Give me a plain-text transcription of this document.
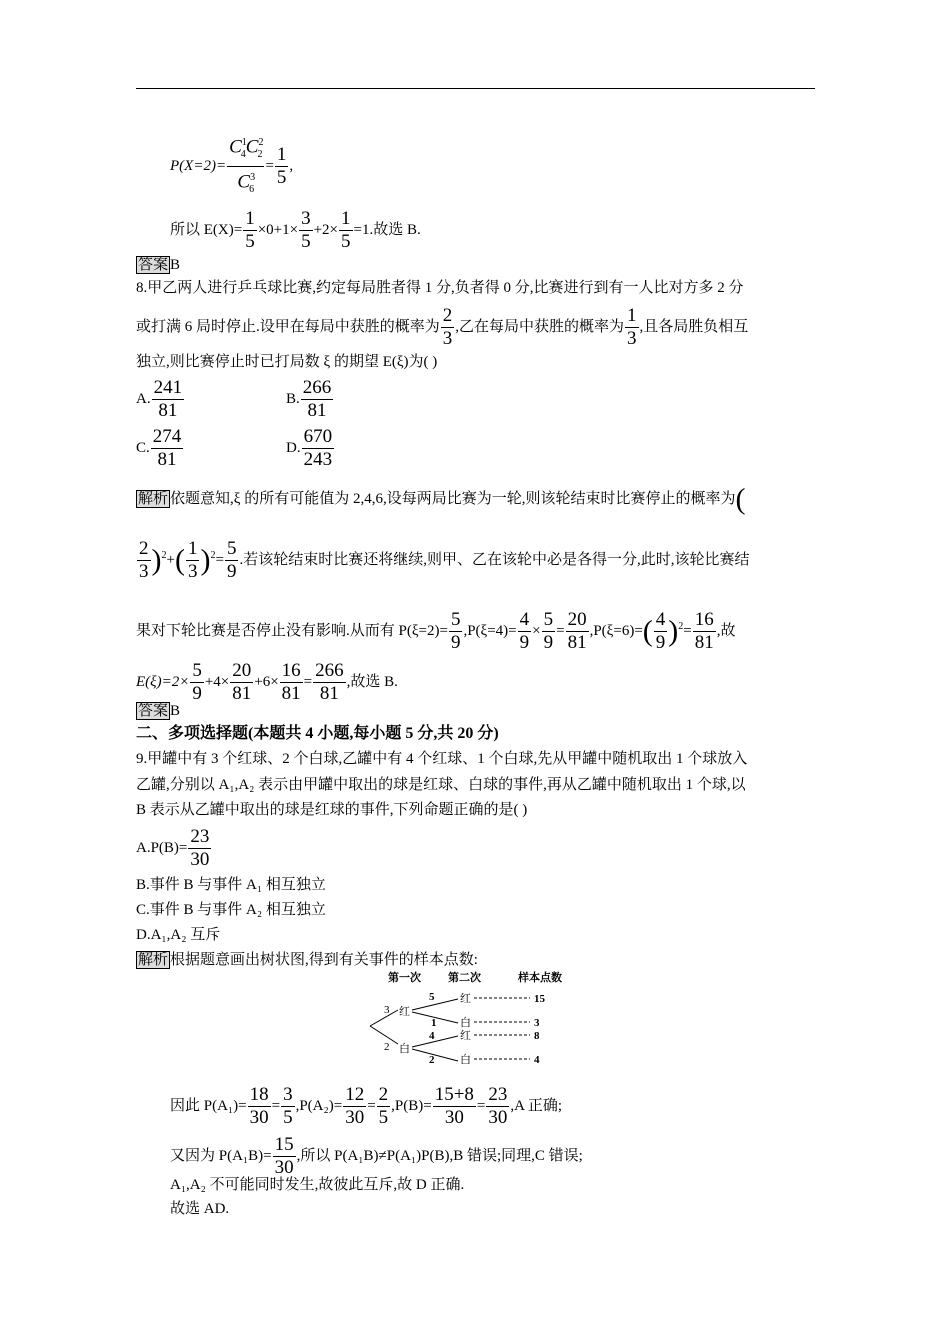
$P(X=2)= \frac{C^1_4C^2_2}{C^3_6} = \frac{1}{5}$ ,
所以 $E(X)= \frac{1}{5} \times 0+1\times \frac{3}{5} +2\times \frac{1}{5} =1$.故选 B.
答案 B
8.甲乙两人进行乒乓球比赛,约定每局胜者得 1 分,负者得 0 分,比赛进行到有一人比对方多 2 分
或打满 6 局时停止.设甲在每局中获胜的概率为 $\frac{2}{3}$ ,乙在每局中获胜的概率为 $\frac{1}{3}$ ,且各局胜负相互
独立,则比赛停止时已打局数 ξ 的期望 E(ξ)为( )
A. $\frac{241}{81}$	B. $\frac{266}{81}$
C. $\frac{274}{81}$	D. $\frac{670}{243}$
解析 依题意知,ξ 的所有可能值为 2,4,6,设每两局比赛为一轮,则该轮结束时比赛停止的概率为(
$\frac{2}{3} )^2+( \frac{1}{3} )^2= \frac{5}{9}$ .若该轮结束时比赛还将继续,则甲、乙在该轮中必是各得一分,此时,该轮比赛结
果对下轮比赛是否停止没有影响.从而有 $P(\xi=2)= \frac{5}{9} ,P(\xi=4)= \frac{4}{9} \times \frac{5}{9} = \frac{20}{81} ,P(\xi=6)=( \frac{4}{9} )^2= \frac{16}{81}$ ,故
$E(\xi)=2\times \frac{5}{9} +4\times \frac{20}{81} +6\times \frac{16}{81} = \frac{266}{81}$ ,故选 B.
答案 B
二、多项选择题(本题共 4 小题,每小题 5 分,共 20 分)
9.甲罐中有 3 个红球、2 个白球,乙罐中有 4 个红球、1 个白球,先从甲罐中随机取出 1 个球放入
乙罐,分别以 A₁,A₂ 表示由甲罐中取出的球是红球、白球的事件,再从乙罐中随机取出 1 个球,以
B 表示从乙罐中取出的球是红球的事件,下列命题正确的是( )
$A.P(B)= \frac{23}{30}$
B.事件 B 与事件 A₁ 相互独立
C.事件 B 与事件 A₂ 相互独立
D.A₁,A₂ 互斥
解析 根据题意画出树状图,得到有关事件的样本点数:
第一次 第二次	样本点数
3
2
红
白
5
1
4
2
红
白
红
白
15
3
8
4
因此 $P(A_1)= \frac{18}{30} = \frac{3}{5} ,P(A_2)= \frac{12}{30} = \frac{2}{5} ,P(B)= \frac{15+8}{30} = \frac{23}{30} ,A$ 正确;
又因为 $P(A_1B)= \frac{15}{30}$ ,所以 P(A₁B)≠P(A₁)P(B),B 错误;同理,C 错误;
A₁,A₂ 不可能同时发生,故彼此互斥,故 D 正确.
故选 AD.
